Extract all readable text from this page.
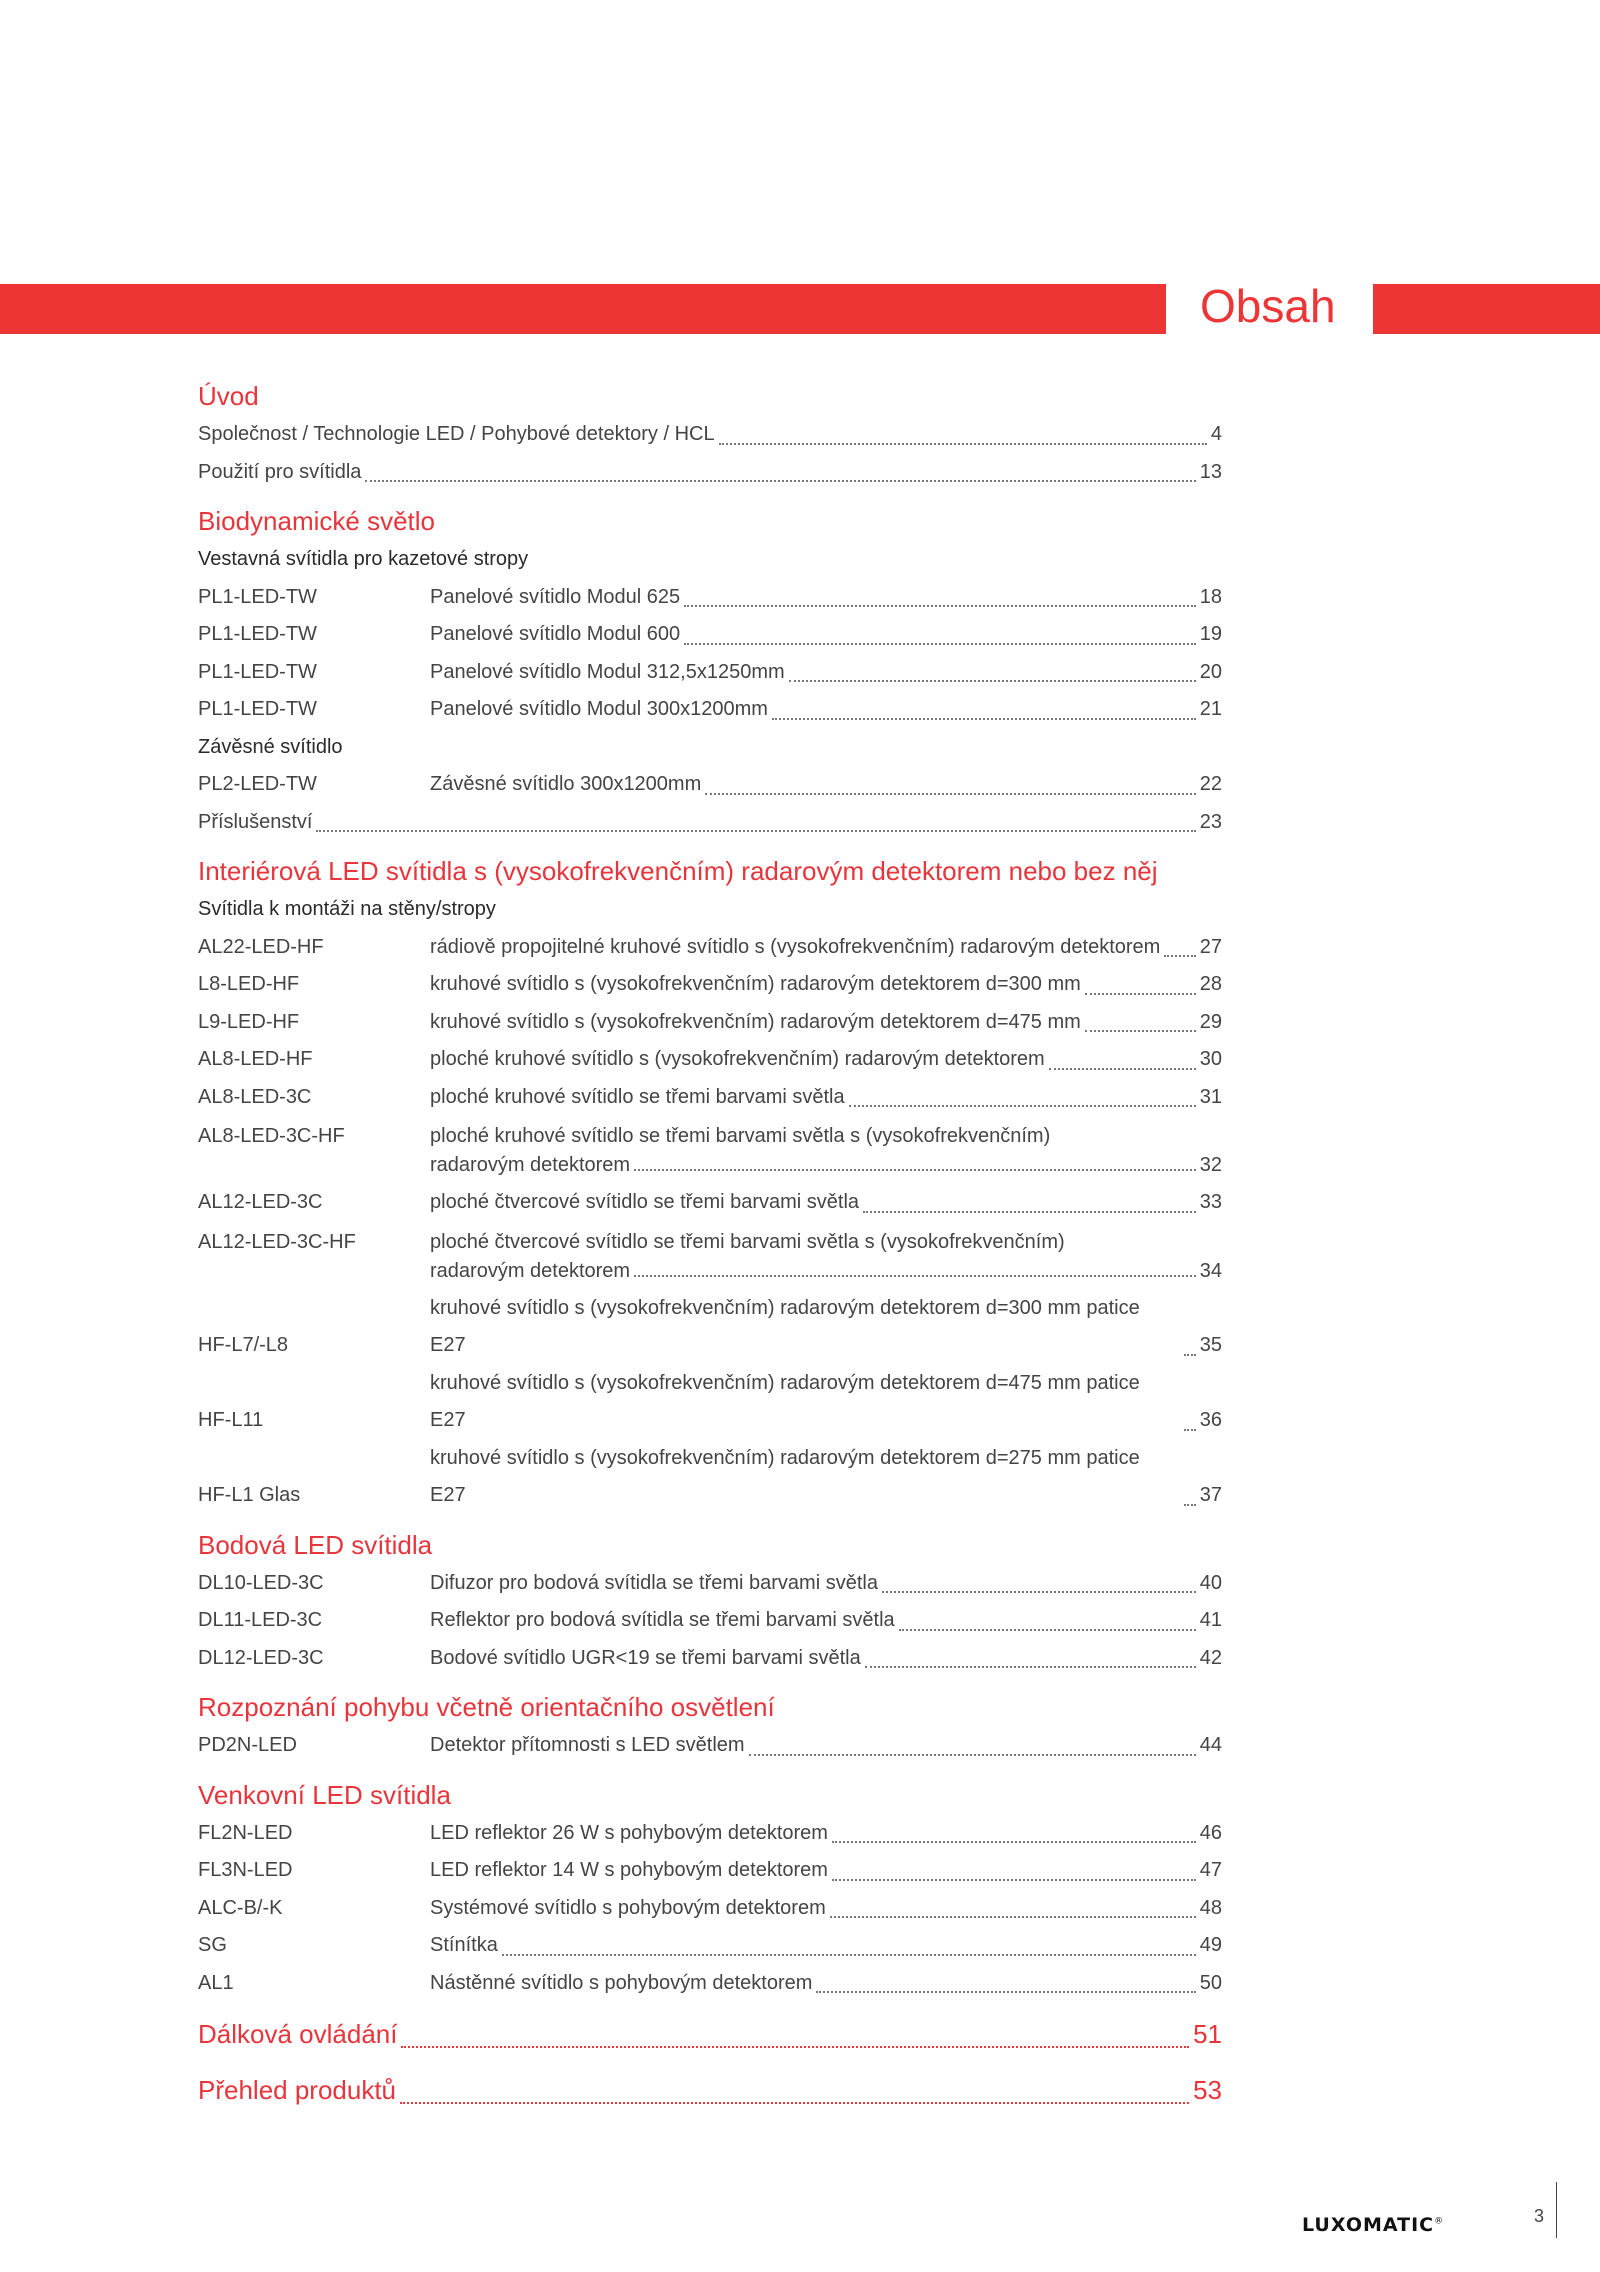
Obsah
Úvod
Společnost / Technologie LED / Pohybové detektory / HCL	4
Použití pro svítidla	13
Biodynamické světlo
Vestavná svítidla pro kazetové stropy
PL1-LED-TW	Panelové svítidlo Modul 625	18
PL1-LED-TW	Panelové svítidlo Modul 600	19
PL1-LED-TW	Panelové svítidlo Modul 312,5x1250mm	20
PL1-LED-TW	Panelové svítidlo Modul 300x1200mm	21
Závěsné svítidlo
PL2-LED-TW	Závěsné svítidlo 300x1200mm	22
Příslušenství	23
Interiérová LED svítidla s (vysokofrekvenčním) radarovým detektorem nebo bez něj
Svítidla k montáži na stěny/stropy
AL22-LED-HF	rádiově propojitelné kruhové svítidlo s (vysokofrekvenčním) radarovým detektorem 27
L8-LED-HF	kruhové svítidlo s (vysokofrekvenčním) radarovým detektorem d=300 mm	28
L9-LED-HF	kruhové svítidlo s (vysokofrekvenčním) radarovým detektorem d=475 mm	29
AL8-LED-HF	ploché kruhové svítidlo s (vysokofrekvenčním) radarovým detektorem	30
AL8-LED-3C	ploché kruhové svítidlo se třemi barvami světla	31
AL8-LED-3C-HF	ploché kruhové svítidlo se třemi barvami světla s (vysokofrekvenčním)
radarovým detektorem	32
AL12-LED-3C	ploché čtvercové svítidlo se třemi barvami světla	33
AL12-LED-3C-HF	ploché čtvercové svítidlo se třemi barvami světla s (vysokofrekvenčním)
radarovým detektorem	34
HF-L7/-L8
kruhové svítidlo s (vysokofrekvenčním) radarovým detektorem d=300 mm patice E27	35
HF-L11
kruhové svítidlo s (vysokofrekvenčním) radarovým detektorem d=475 mm patice E27	36
HF-L1 Glas
kruhové svítidlo s (vysokofrekvenčním) radarovým detektorem d=275 mm patice E27	37
Bodová LED svítidla
DL10-LED-3C	Difuzor pro bodová svítidla se třemi barvami světla	40
DL11-LED-3C	Reflektor pro bodová svítidla se třemi barvami světla	41
DL12-LED-3C	Bodové svítidlo UGR<19 se třemi barvami světla	42
Rozpoznání pohybu včetně orientačního osvětlení
PD2N-LED	Detektor přítomnosti s LED světlem	44
Venkovní LED svítidla
FL2N-LED	LED reflektor 26 W s pohybovým detektorem	46
FL3N-LED	LED reflektor 14 W s pohybovým detektorem	47
ALC-B/-K	Systémové svítidlo s pohybovým detektorem	48
SG	Stínítka	49
AL1	Nástěnné svítidlo s pohybovým detektorem	50
Dálková ovládání	51
Přehled produktů	53
LUXOMATIC®	3
